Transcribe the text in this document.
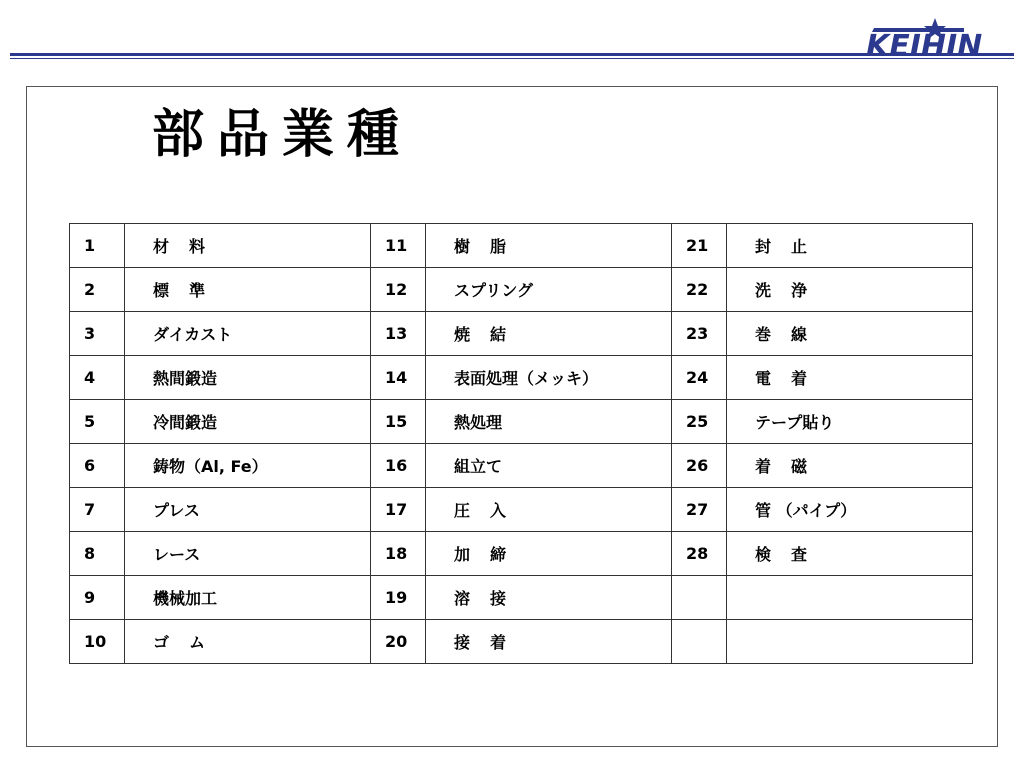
KEIHIN
部品業種
1	材 料	11	樹 脂	21	封 止
2	標 準	12	スプリング	22	洗 浄
3	ダイカスト	13	焼 結	23	巻 線
4	熱間鍛造	14	表面処理（メッキ）	24	電 着
5	冷間鍛造	15	熱処理	25	テープ貼り
6	鋳物（Al, Fe）	16	組立て	26	着 磁
7	プレス	17	圧 入	27	管 （パイプ）
8	レース	18	加 締	28	検 査
9	機械加工	19	溶 接		
10	ゴ ム	20	接 着		
